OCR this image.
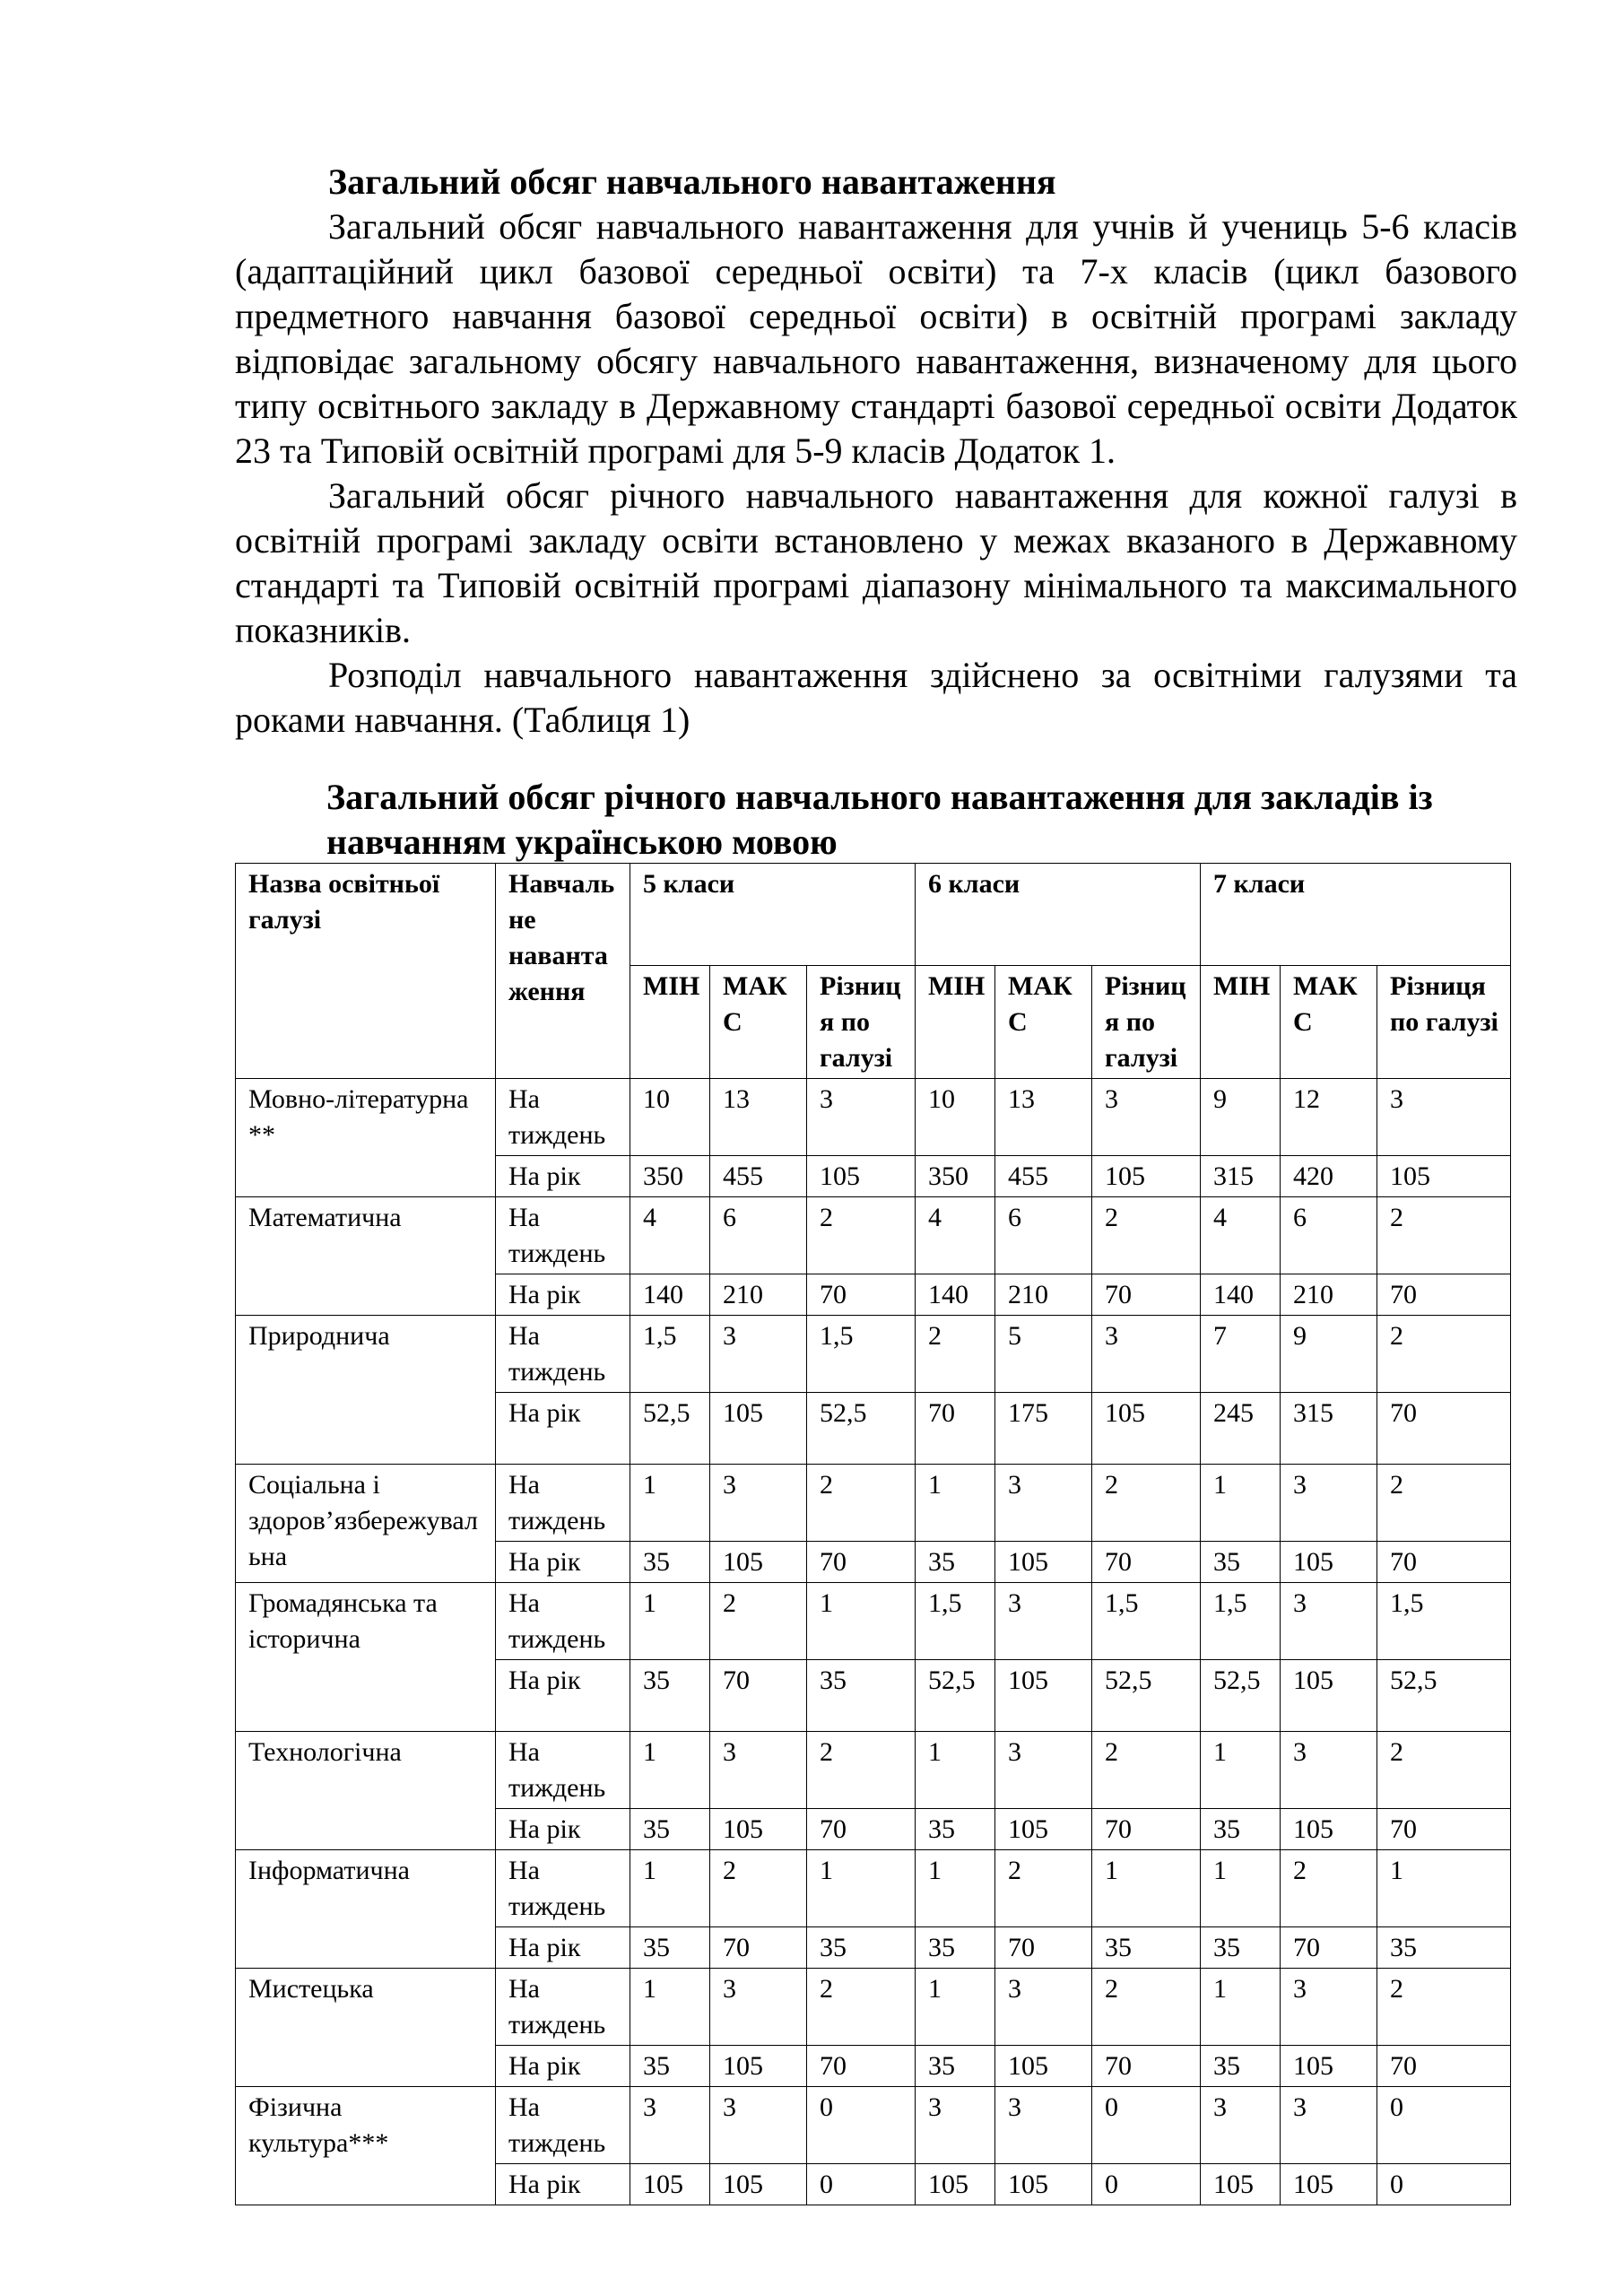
Загальний обсяг навчального навантаження
Загальний обсяг навчального навантаження для учнів й учениць 5-6 класів (адаптаційний цикл базової середньої освіти) та 7-х класів (цикл базового предметного навчання базової середньої освіти) в освітній програмі закладу відповідає загальному обсягу навчального навантаження, визначеному для цього типу освітнього закладу в Державному стандарті базової середньої освіти Додаток 23 та Типовій освітній програмі для 5-9 класів Додаток 1.
Загальний обсяг річного навчального навантаження для кожної галузі в освітній програмі закладу освіти встановлено у межах вказаного в Державному стандарті та Типовій освітній програмі діапазону мінімального та максимального показників.
Розподіл навчального навантаження здійснено за освітніми галузями та роками навчання. (Таблиця 1)
Загальний обсяг річного навчального навантаження для закладів із навчанням українською мовою
Назва освітньої галузі	Навчальне навантаження	5 класи			6 класи			7 класи		
		МІН	МАКС	Різниця по галузі	МІН	МАКС	Різниця по галузі	МІН	МАКС	Різниця по галузі
Мовно-літературна **	На тиждень	10	13	3	10	13	3	9	12	3
	На рік	350	455	105	350	455	105	315	420	105
Математична	На тиждень	4	6	2	4	6	2	4	6	2
	На рік	140	210	70	140	210	70	140	210	70
Природнича	На тиждень	1,5	3	1,5	2	5	3	7	9	2
	На рік	52,5	105	52,5	70	175	105	245	315	70
Соціальна і здоров’язбережувальна	На тиждень	1	3	2	1	3	2	1	3	2
	На рік	35	105	70	35	105	70	35	105	70
Громадянська та історична	На тиждень	1	2	1	1,5	3	1,5	1,5	3	1,5
	На рік	35	70	35	52,5	105	52,5	52,5	105	52,5
Технологічна	На тиждень	1	3	2	1	3	2	1	3	2
	На рік	35	105	70	35	105	70	35	105	70
Інформатична	На тиждень	1	2	1	1	2	1	1	2	1
	На рік	35	70	35	35	70	35	35	70	35
Мистецька	На тиждень	1	3	2	1	3	2	1	3	2
	На рік	35	105	70	35	105	70	35	105	70
Фізична культура***	На тиждень	3	3	0	3	3	0	3	3	0
	На рік	105	105	0	105	105	0	105	105	0
